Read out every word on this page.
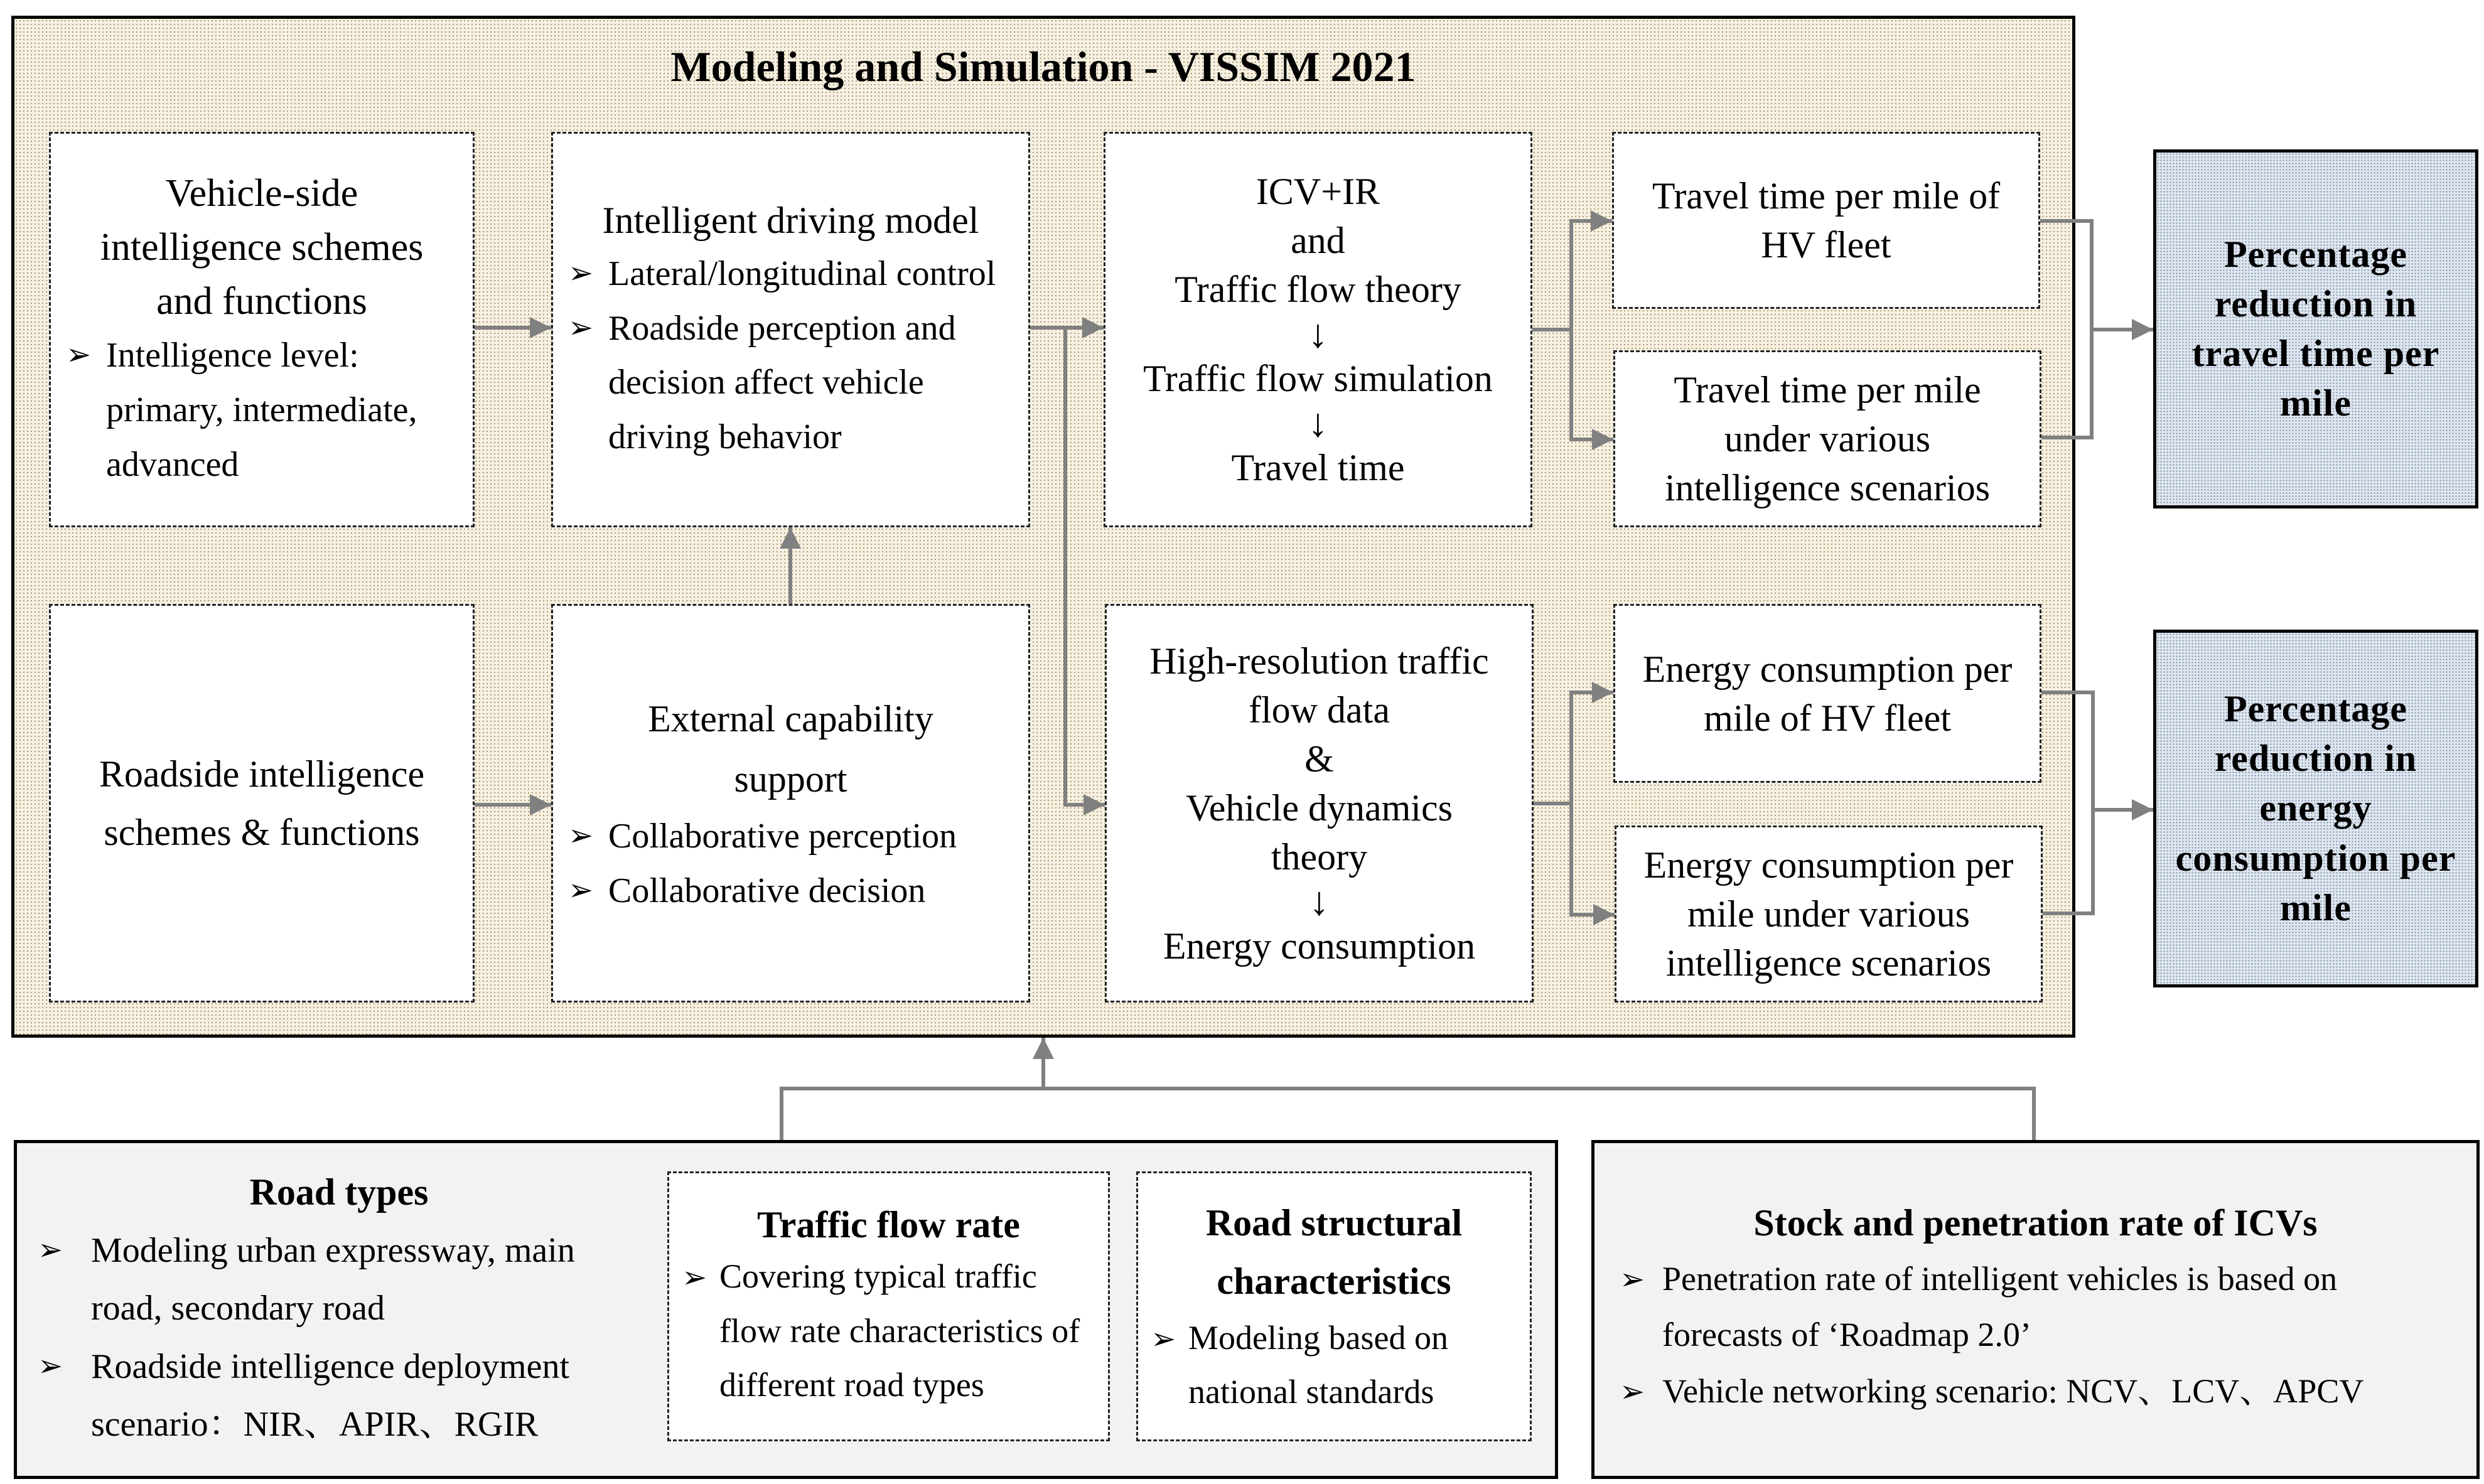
Modeling and Simulation - VISSIM 2021
Vehicle-side
intelligence schemes
and functions
➢ Intelligence level: primary, intermediate, advanced
Intelligent driving model
➢ Lateral/longitudinal control
➢ Roadside perception and decision affect vehicle driving behavior
ICV+IR
and
Traffic flow theory
↓
Traffic flow simulation
↓
Travel time
Travel time per mile of HV fleet
Travel time per mile under various intelligence scenarios
Roadside intelligence
schemes & functions
External capability
support
➢ Collaborative perception
➢ Collaborative decision
High-resolution traffic
flow data
&
Vehicle dynamics
theory
↓
Energy consumption
Energy consumption per mile of HV fleet
Energy consumption per mile under various intelligence scenarios
Percentage reduction in travel time per mile
Percentage reduction in energy consumption per mile
Road types
➢ Modeling urban expressway, main road, secondary road
➢ Roadside intelligence deployment scenario：NIR、APIR、RGIR
Traffic flow rate
➢ Covering typical traffic flow rate characteristics of different road types
Road structural characteristics
➢ Modeling based on national standards
Stock and penetration rate of ICVs
➢ Penetration rate of intelligent vehicles is based on forecasts of ‘Roadmap 2.0’
➢ Vehicle networking scenario: NCV、LCV、APCV
